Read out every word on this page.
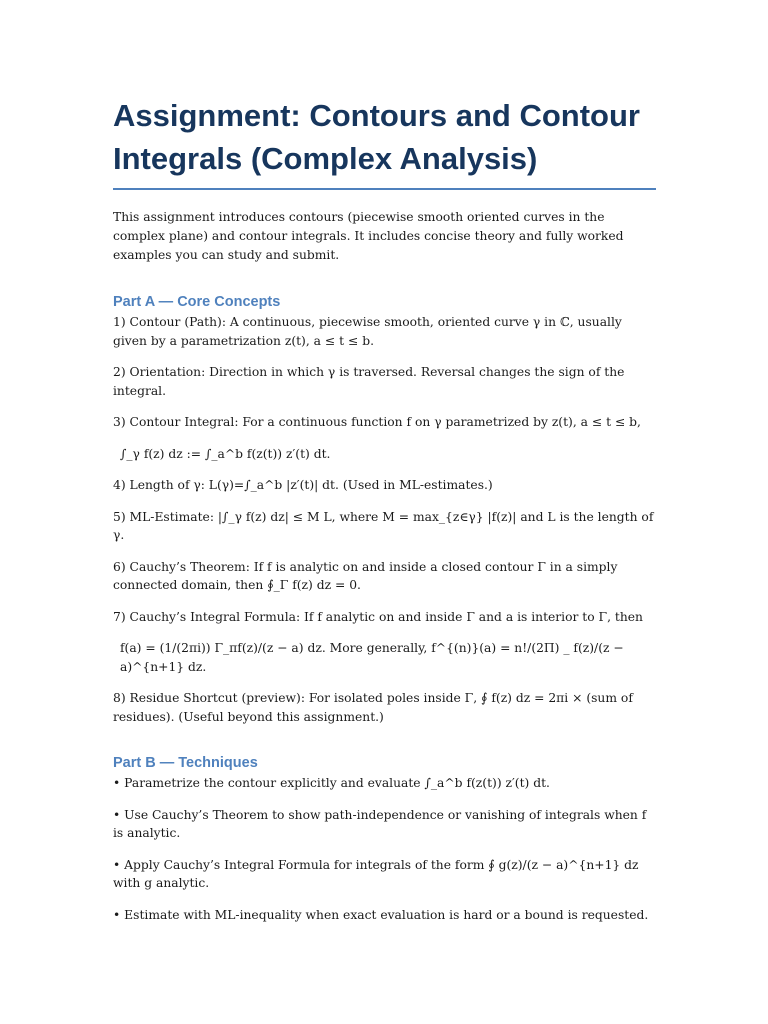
Assignment: Contours and Contour Integrals (Complex Analysis)

This assignment introduces contours (piecewise smooth oriented curves in the complex plane) and contour integrals. It includes concise theory and fully worked examples you can study and submit.

Part A — Core Concepts

1) Contour (Path): A continuous, piecewise smooth, oriented curve γ in ℂ, usually given by a parametrization z(t), a ≤ t ≤ b.

2) Orientation: Direction in which γ is traversed. Reversal changes the sign of the integral.

3) Contour Integral: For a continuous function f on γ parametrized by z(t), a ≤ t ≤ b,

∫_γ f(z) dz := ∫_a^b f(z(t)) z′(t) dt.

4) Length of γ: L(γ)=∫_a^b |z′(t)| dt. (Used in ML-estimates.)

5) ML-Estimate: |∫_γ f(z) dz| ≤ M L, where M = max_{z∈γ} |f(z)| and L is the length of γ.

6) Cauchy’s Theorem: If f is analytic on and inside a closed contour Γ in a simply connected domain, then ∮_Γ f(z) dz = 0.

7) Cauchy’s Integral Formula: If f analytic on and inside Γ and a is interior to Γ, then

f(a) = (1/(2πi)) Γ_πf(z)/(z − a) dz. More generally, f^{(n)}(a) = n!/(2Π) _ f(z)/(z − a)^{n+1} dz.

8) Residue Shortcut (preview): For isolated poles inside Γ, ∮ f(z) dz = 2πi × (sum of residues). (Useful beyond this assignment.)

Part B — Techniques

• Parametrize the contour explicitly and evaluate ∫_a^b f(z(t)) z′(t) dt.

• Use Cauchy’s Theorem to show path-independence or vanishing of integrals when f is analytic.

• Apply Cauchy’s Integral Formula for integrals of the form ∮ g(z)/(z − a)^{n+1} dz with g analytic.

• Estimate with ML-inequality when exact evaluation is hard or a bound is requested.
